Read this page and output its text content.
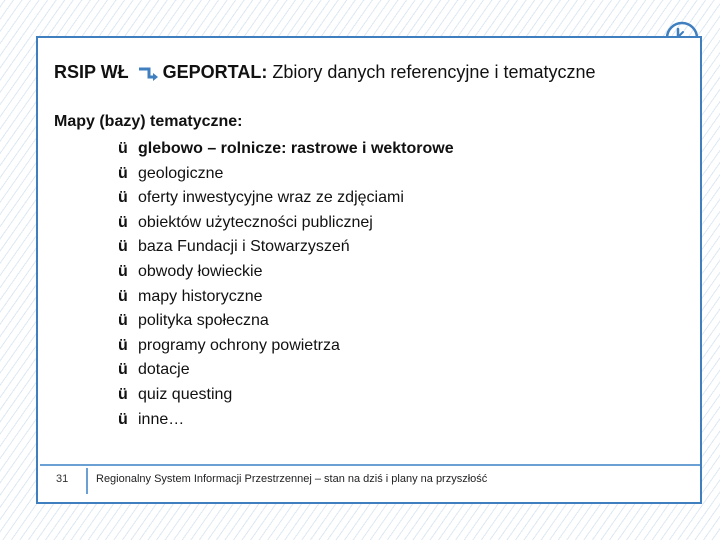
RSIP WŁ GEPORTAL: Zbiory danych referencyjne i tematyczne
Mapy (bazy) tematyczne:
ü glebowo – rolnicze: rastrowe i wektorowe
ü geologiczne
ü oferty inwestycyjne wraz ze zdjęciami
ü obiektów użyteczności publicznej
ü baza Fundacji i Stowarzyszeń
ü obwody łowieckie
ü mapy historyczne
ü polityka społeczna
ü programy ochrony powietrza
ü dotacje
ü quiz questing
ü inne…
31	Regionalny System Informacji Przestrzennej – stan na dziś i plany na przyszłość
